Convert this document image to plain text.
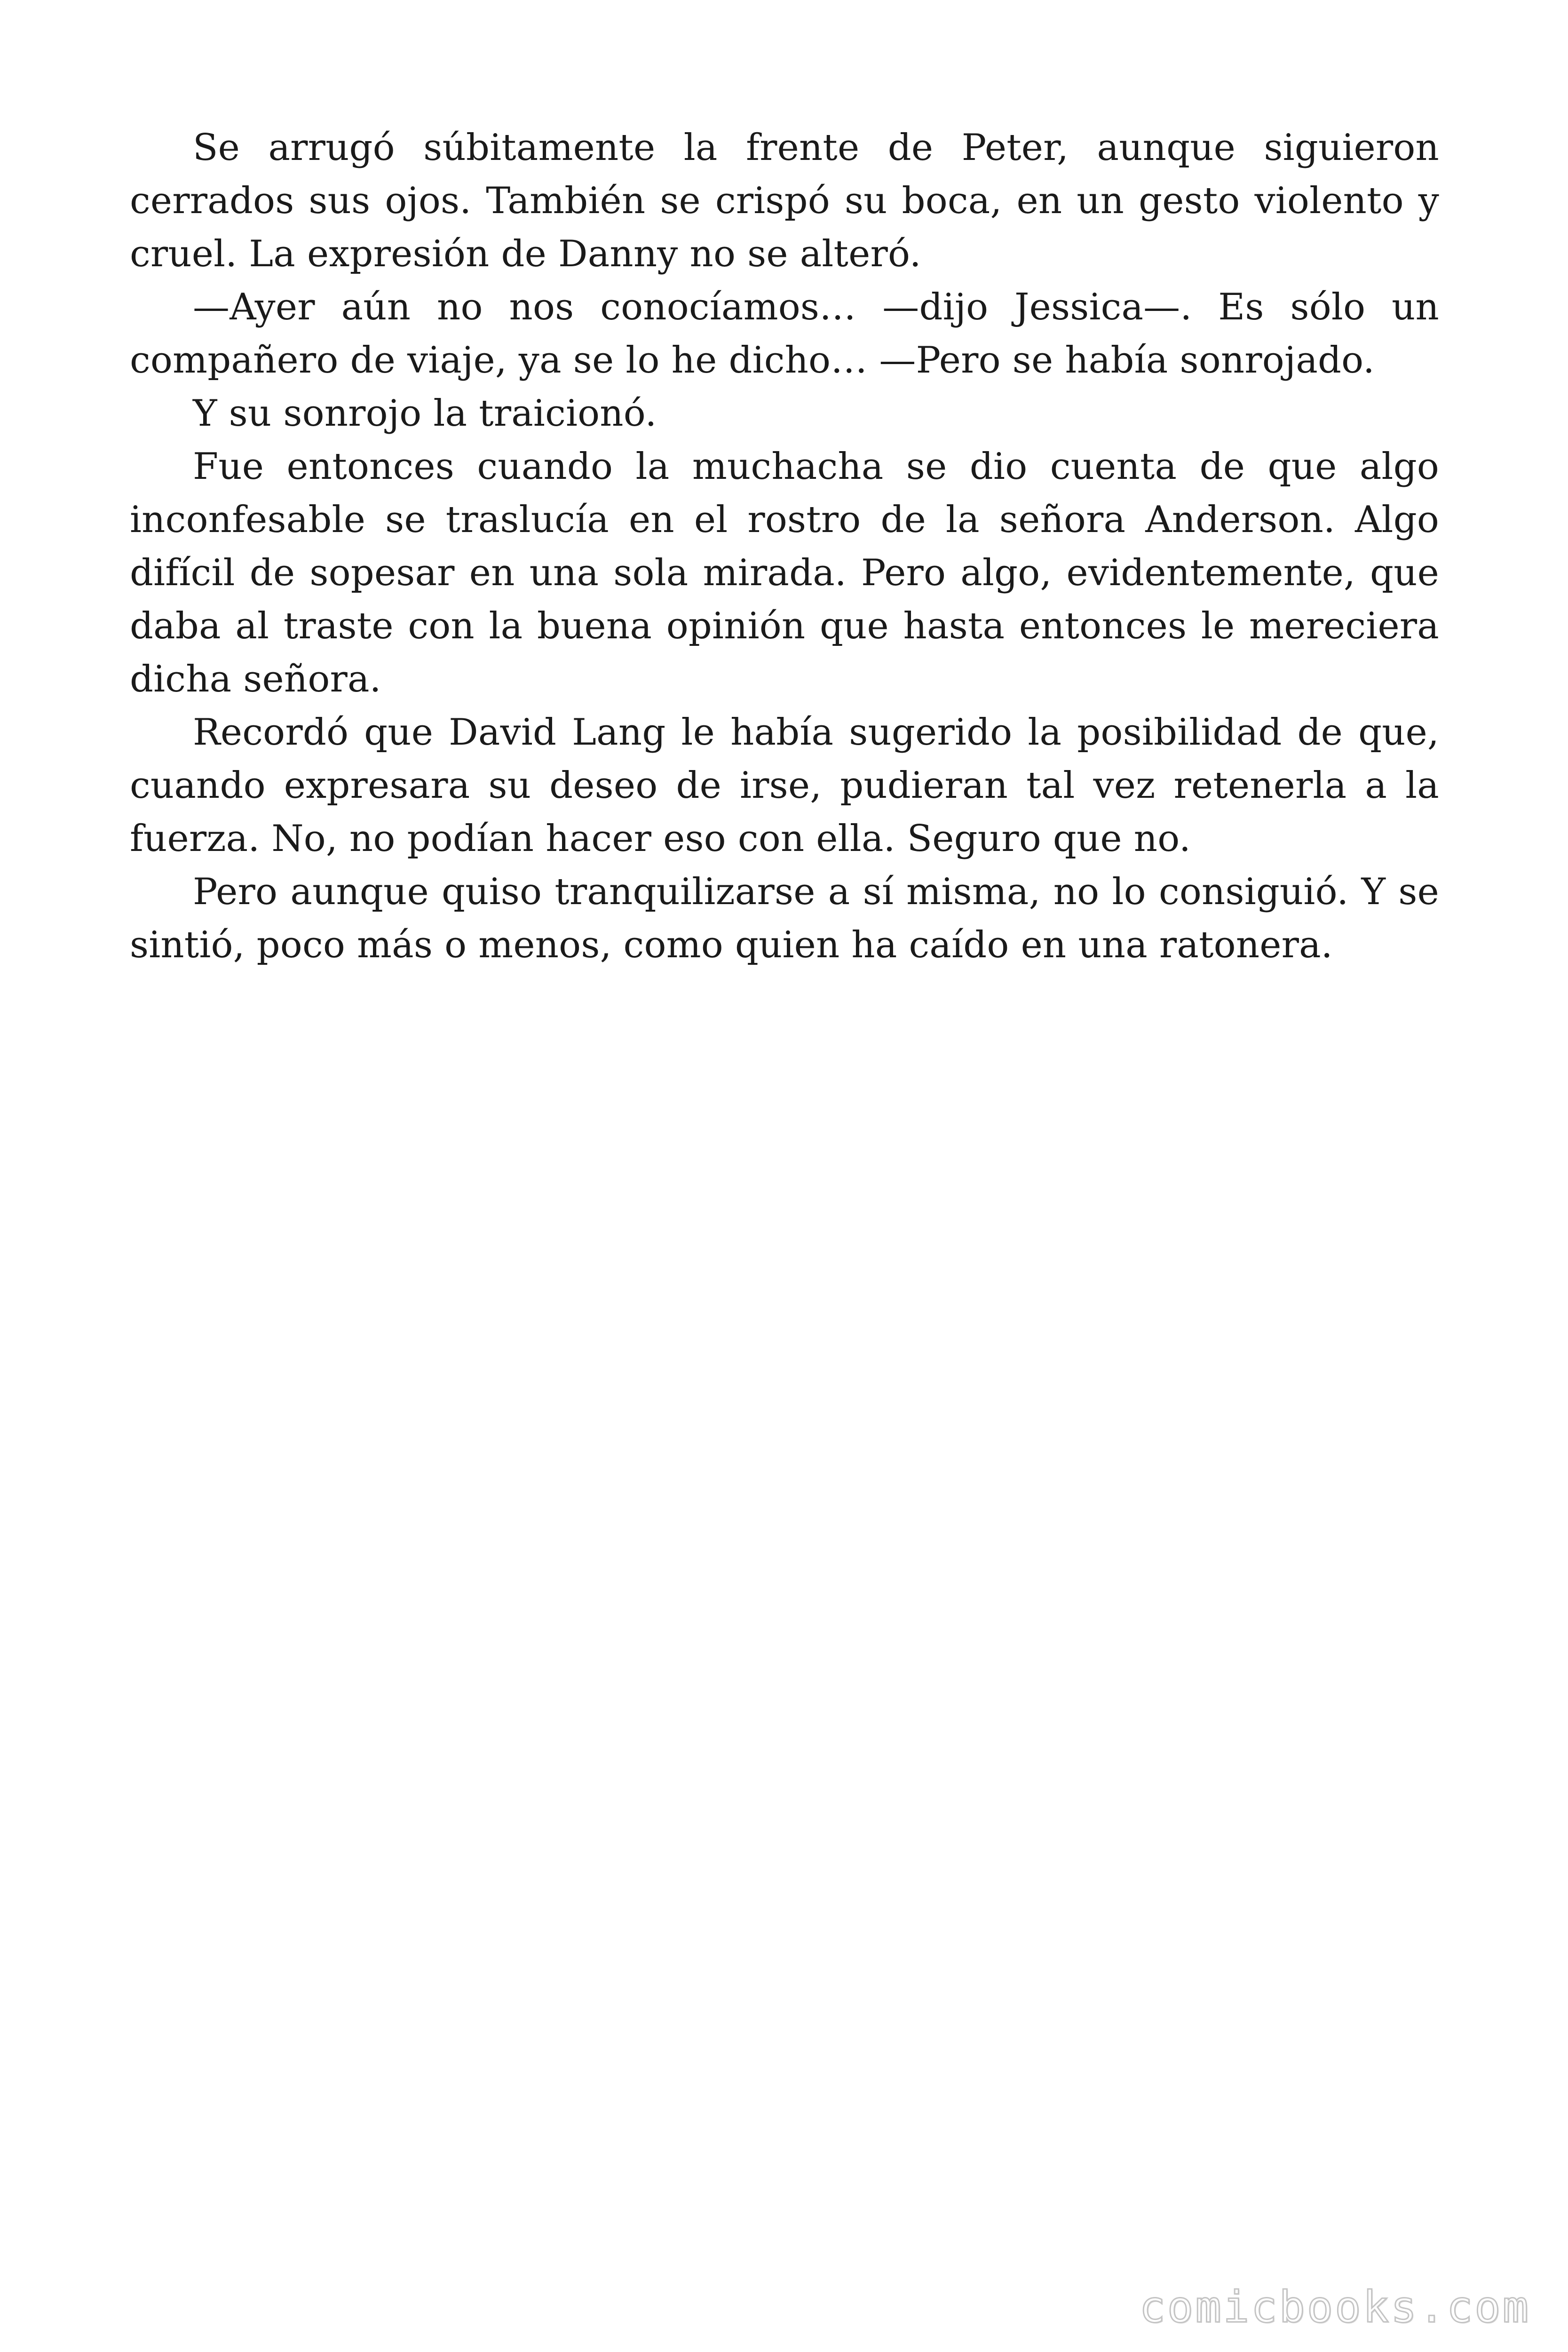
Se arrugó súbitamente la frente de Peter, aunque siguieron cerrados sus ojos. También se crispó su boca, en un gesto violento y cruel. La expresión de Danny no se alteró.

—Ayer aún no nos conocíamos… —dijo Jessica—. Es sólo un compañero de viaje, ya se lo he dicho… —Pero se había sonrojado.

Y su sonrojo la traicionó.

Fue entonces cuando la muchacha se dio cuenta de que algo inconfesable se traslucía en el rostro de la señora Anderson. Algo difícil de sopesar en una sola mirada. Pero algo, evidentemente, que daba al traste con la buena opinión que hasta entonces le mereciera dicha señora.

Recordó que David Lang le había sugerido la posibilidad de que, cuando expresara su deseo de irse, pudieran tal vez retenerla a la fuerza. No, no podían hacer eso con ella. Seguro que no.

Pero aunque quiso tranquilizarse a sí misma, no lo consiguió. Y se sintió, poco más o menos, como quien ha caído en una ratonera.

comicbooks.com
